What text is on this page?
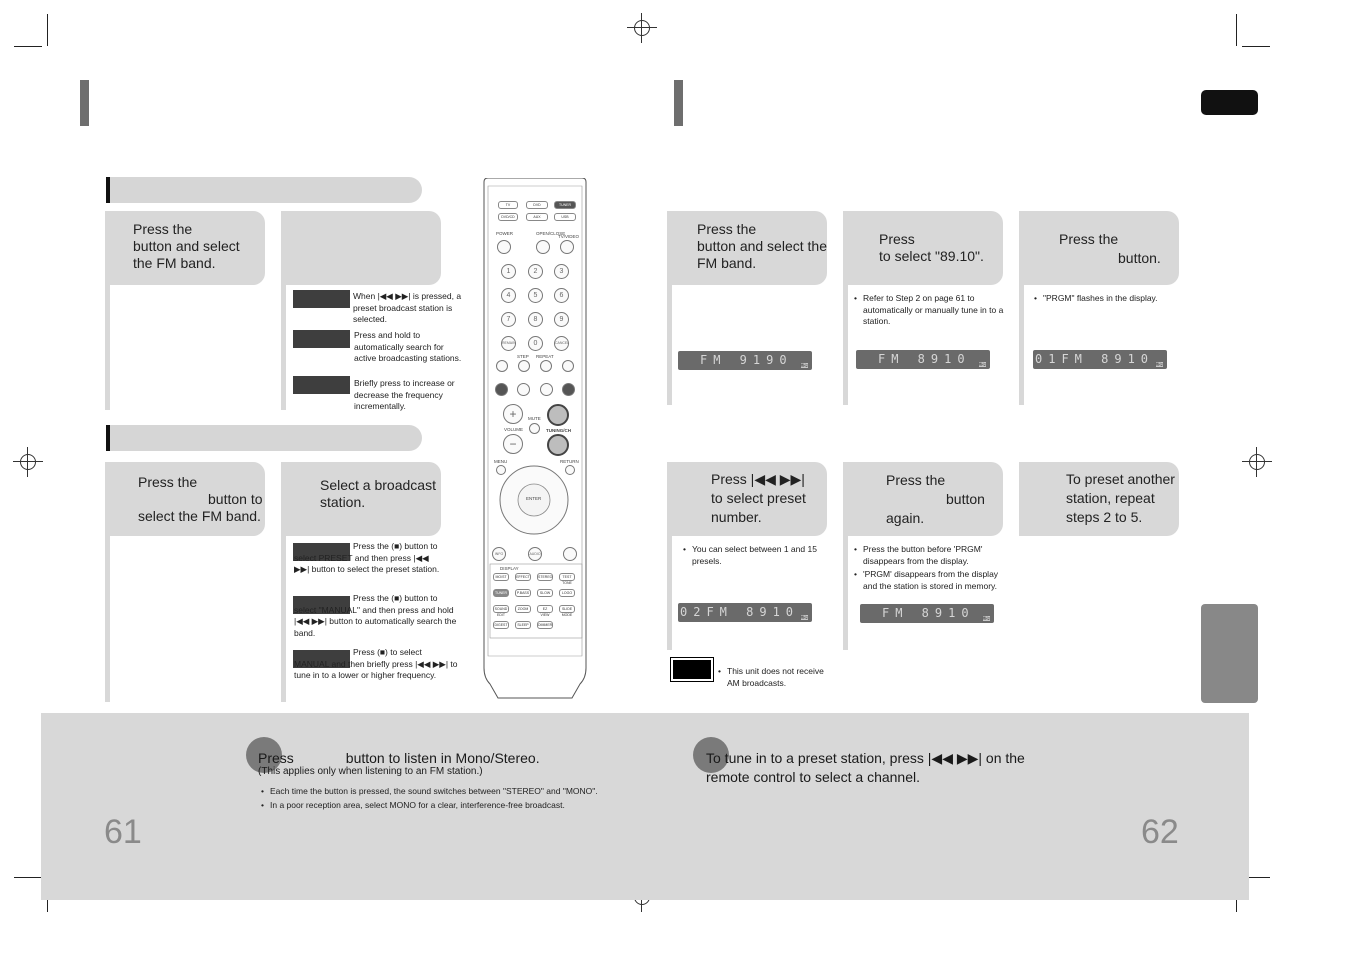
Press the
button and select
the FM band.
When |◀◀ ▶▶| is pressed, a preset broadcast station is selected.
Press and hold to automatically search for active broadcasting stations.
Briefly press to increase or decrease the frequency incrementally.
Press the
button to
select the FM band.
Select a broadcast
station.
Press the (■) button to select PRESET and then press |◀◀ ▶▶| button to select the preset station.
Press the (■) button to select "MANUAL" and then press and hold |◀◀ ▶▶| button to automatically search the band.
Press (■) to select MANUAL and then briefly press |◀◀ ▶▶| to tune in to a lower or higher frequency.
TV	DVD	TUNER
DVD/CD	AUX	USB
POWER	OPEN/CLOSE
TV/VIDEO
1	2	3
4	5	6
7	8	9
REMAIN	0	CANCEL
STEP REPEAT
+
−
VOLUME
MUTE
TUNING/CH
MENU	RETURN
ENTER
INFO	AUDIO
DISPLAY
MO/ST	EFFECT	STEREO	TEST TONE
TUNER MEMORY
P.BASS	SLOW	LOGO
SOUND EDIT
ZOOM	EZ VIEW
SLIDE MODE
DIGEST	SLEEP	DIMMER
Press the
button and select the
FM band.
FM 9190 MHz
Press
to select "89.10".
• Refer to Step 2 on page 61 to automatically or manually tune in to a station.
FM 8910 MHz
Press the
button.
• "PRGM" flashes in the display.
01FM 8910 MHz
Press |◀◀ ▶▶|
to select preset
number.
• You can select between 1 and 15 presels.
02FM 8910 MHz
Press the
button
again.
• Press the button before 'PRGM' disappears from the display.
• 'PRGM' disappears from the display and the station is stored in memory.
FM 8910 MHz
To preset another
station, repeat
steps 2 to 5.
• This unit does not receive AM broadcasts.
Press	button to listen in Mono/Stereo.
(This applies only when listening to an FM station.)
• Each time the button is pressed, the sound switches between "STEREO" and "MONO".
• In a poor reception area, select MONO for a clear, interference-free broadcast.
To tune in to a preset station, press |◀◀ ▶▶| on the
remote control to select a channel.
61	62
